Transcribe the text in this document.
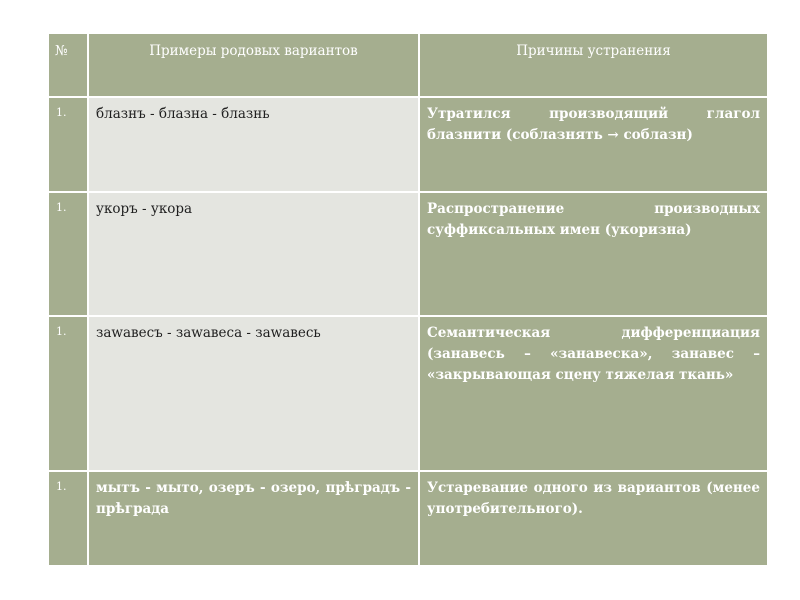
№	Примеры родовых вариантов	Причины устранения
1.	блазнъ - блазна - блазнь	Утратился производящий глагол блазнити (соблазнять → соблазн)
1.	укоръ - укора	Распространение производных суффиксальных имен (укоризна)
1.	заԝавесъ - заԝавеса - заԝавесь	Семантическая дифференциация (занавесь – «занавеска», занавес – «закрывающая сцену тяжелая ткань»
1.	мытъ - мыто, озеръ - озеро, прѣградъ - прѣграда	Устаревание одного из вариантов (менее употребительного).
